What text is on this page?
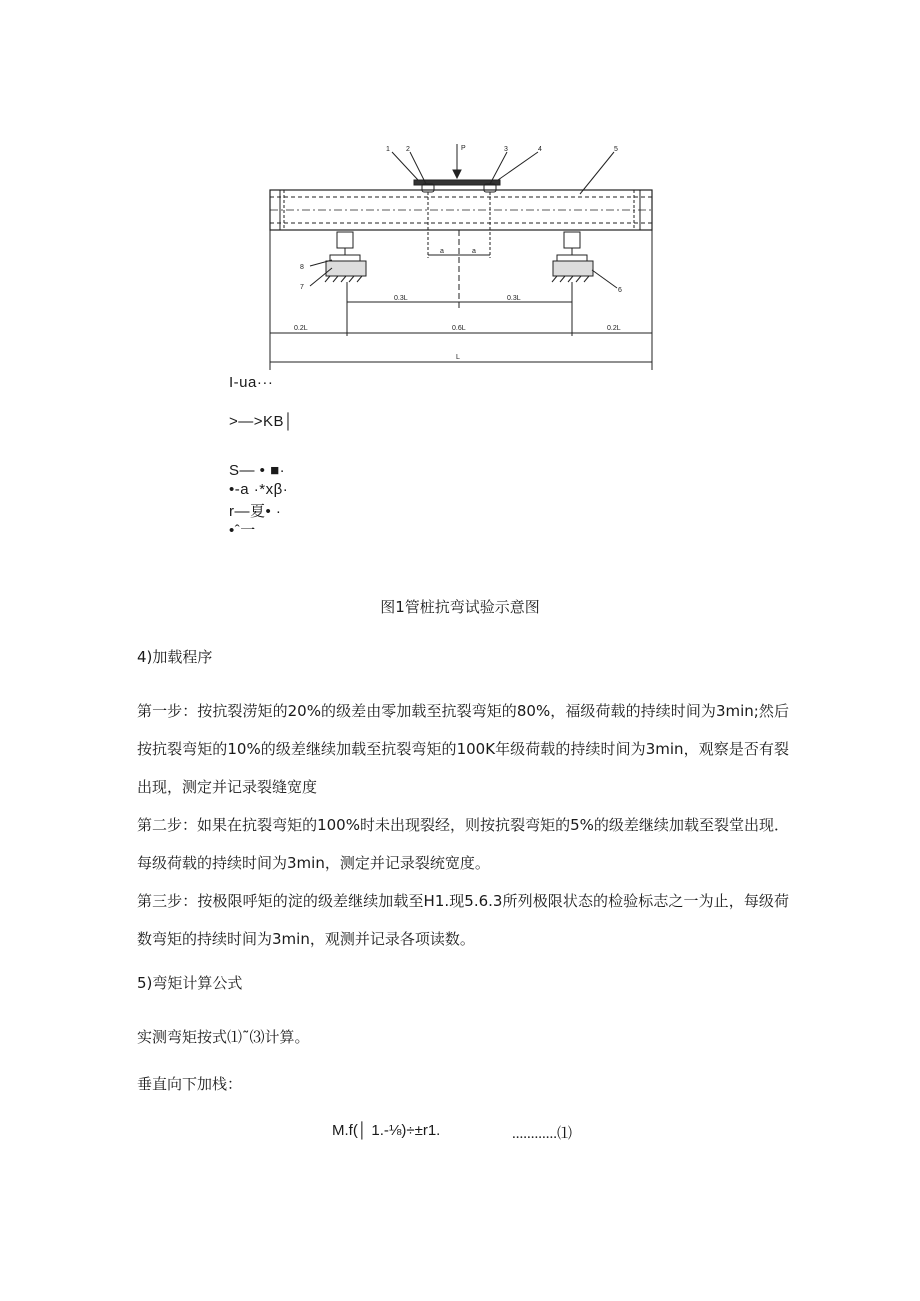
P
1 2	3	4	5
6
7
8
a	a
0.3L	0.3L
0.2L	0.6L	0.2L
L
I-ua···
>—>KB│
S— • ■·
•-a ·*xβ·
r—夏• ·
•ˆ一
图1管桩抗弯试验示意图
4)加载程序
第一步：按抗裂涝矩的20%的级差由零加载至抗裂弯矩的80%，福级荷载的持续时间为3min;然后按抗裂弯矩的10%的级差继续加载至抗裂弯矩的100K年级荷载的持续时间为3min，观察是否有裂出现，测定并记录裂缝宽度
第二步：如果在抗裂弯矩的100%时未出现裂经，则按抗裂弯矩的5%的级差继续加载至裂堂出现．每级荷载的持续时间为3min，测定并记录裂统宽度。
第三步：按极限呼矩的淀的级差继续加载至H1.现5.6.3所列极限状态的检验标志之一为止，每级荷数弯矩的持续时间为3min，观测并记录各项读数。
5)弯矩计算公式
实测弯矩按式⑴˜⑶计算。
垂直向下加栈：
M.f(│ 1.-⅛)÷±r1.	............⑴
